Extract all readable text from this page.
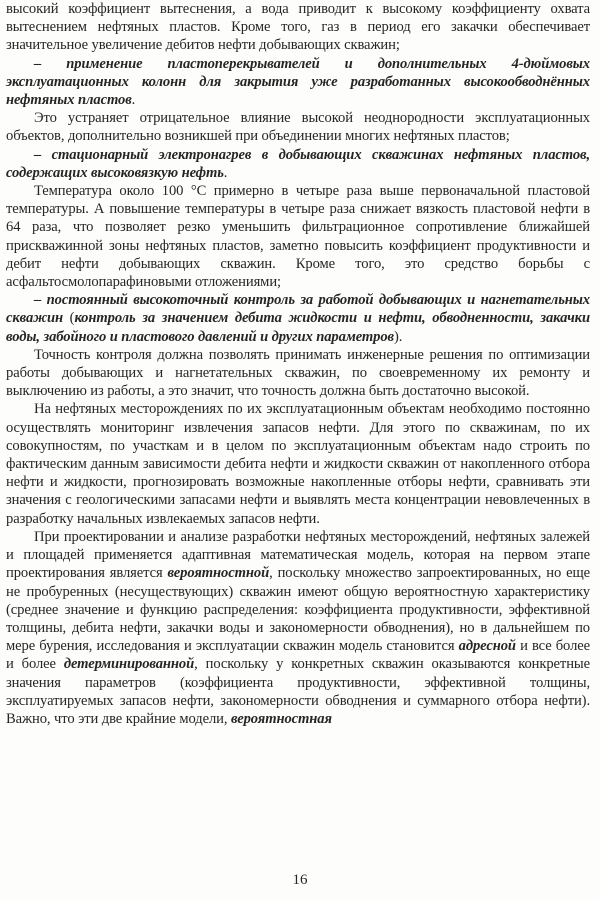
высокий коэффициент вытеснения, а вода приводит к высокому коэффициенту охвата вытеснением нефтяных пластов. Кроме того, газ в период его закачки обеспечивает значительное увеличение дебитов нефти добывающих скважин;

– применение пластоперекрывателей и дополнительных 4-дюймовых эксплуатационных колонн для закрытия уже разработанных высокообводнённых нефтяных пластов.

Это устраняет отрицательное влияние высокой неоднородности эксплуатационных объектов, дополнительно возникшей при объединении многих нефтяных пластов;

– стационарный электронагрев в добывающих скважинах нефтяных пластов, содержащих высоковязкую нефть.

Температура около 100 °С примерно в четыре раза выше первоначальной пластовой температуры. А повышение температуры в четыре раза снижает вязкость пластовой нефти в 64 раза, что позволяет резко уменьшить фильтрационное сопротивление ближайшей прискважинной зоны нефтяных пластов, заметно повысить коэффициент продуктивности и дебит нефти добывающих скважин. Кроме того, это средство борьбы с асфальтосмолопарафиновыми отложениями;

– постоянный высокоточный контроль за работой добывающих и нагнетательных скважин (контроль за значением дебита жидкости и нефти, обводненности, закачки воды, забойного и пластового давлений и других параметров).

Точность контроля должна позволять принимать инженерные решения по оптимизации работы добывающих и нагнетательных скважин, по своевременному их ремонту и выключению из работы, а это значит, что точность должна быть достаточно высокой.

На нефтяных месторождениях по их эксплуатационным объектам необходимо постоянно осуществлять мониторинг извлечения запасов нефти. Для этого по скважинам, по их совокупностям, по участкам и в целом по эксплуатационным объектам надо строить по фактическим данным зависимости дебита нефти и жидкости скважин от накопленного отбора нефти и жидкости, прогнозировать возможные накопленные отборы нефти, сравнивать эти значения с геологическими запасами нефти и выявлять места концентрации невовлеченных в разработку начальных извлекаемых запасов нефти.

При проектировании и анализе разработки нефтяных месторождений, нефтяных залежей и площадей применяется адаптивная математическая модель, которая на первом этапе проектирования является вероятностной, поскольку множество запроектированных, но еще не пробуренных (несуществующих) скважин имеют общую вероятностную характеристику (среднее значение и функцию распределения: коэффициента продуктивности, эффективной толщины, дебита нефти, закачки воды и закономерности обводнения), но в дальнейшем по мере бурения, исследования и эксплуатации скважин модель становится адресной и все более и более детерминированной, поскольку у конкретных скважин оказываются конкретные значения параметров (коэффициента продуктивности, эффективной толщины, эксплуатируемых запасов нефти, закономерности обводнения и суммарного отбора нефти). Важно, что эти две крайние модели, вероятностная

16
